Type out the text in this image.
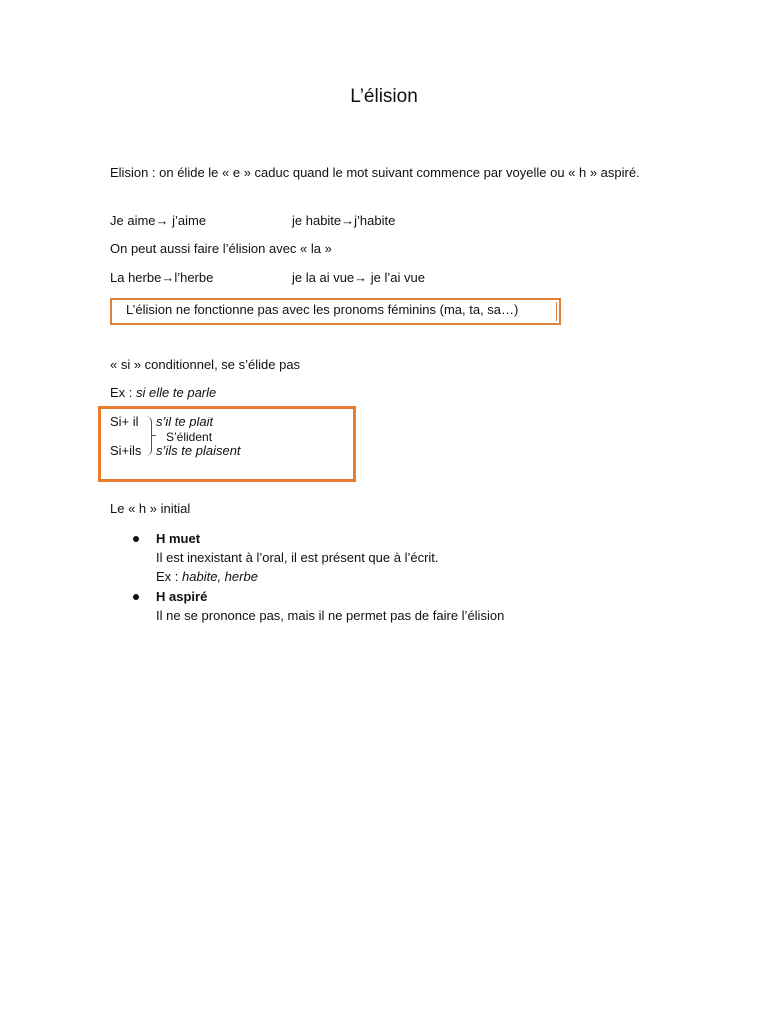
L’élision
Elision : on élide le « e » caduc quand le mot suivant commence par voyelle ou « h » aspiré.
Je aime→ j’aime	je habite→j’habite
On peut aussi faire l’élision avec « la »
La herbe→l’herbe	je la ai vue→ je l’ai vue
L’élision ne fonctionne pas avec les pronoms féminins (ma, ta, sa…)
« si » conditionnel, se s’élide pas
Ex : si elle te parle
Si+ il s’il te plait
S’élident
Si+ils s’ils te plaisent
Le « h » initial
H muet
Il est inexistant à l’oral, il est présent que à l’écrit.
Ex : habite, herbe
H aspiré
Il ne se prononce pas, mais il ne permet pas de faire l’élision
